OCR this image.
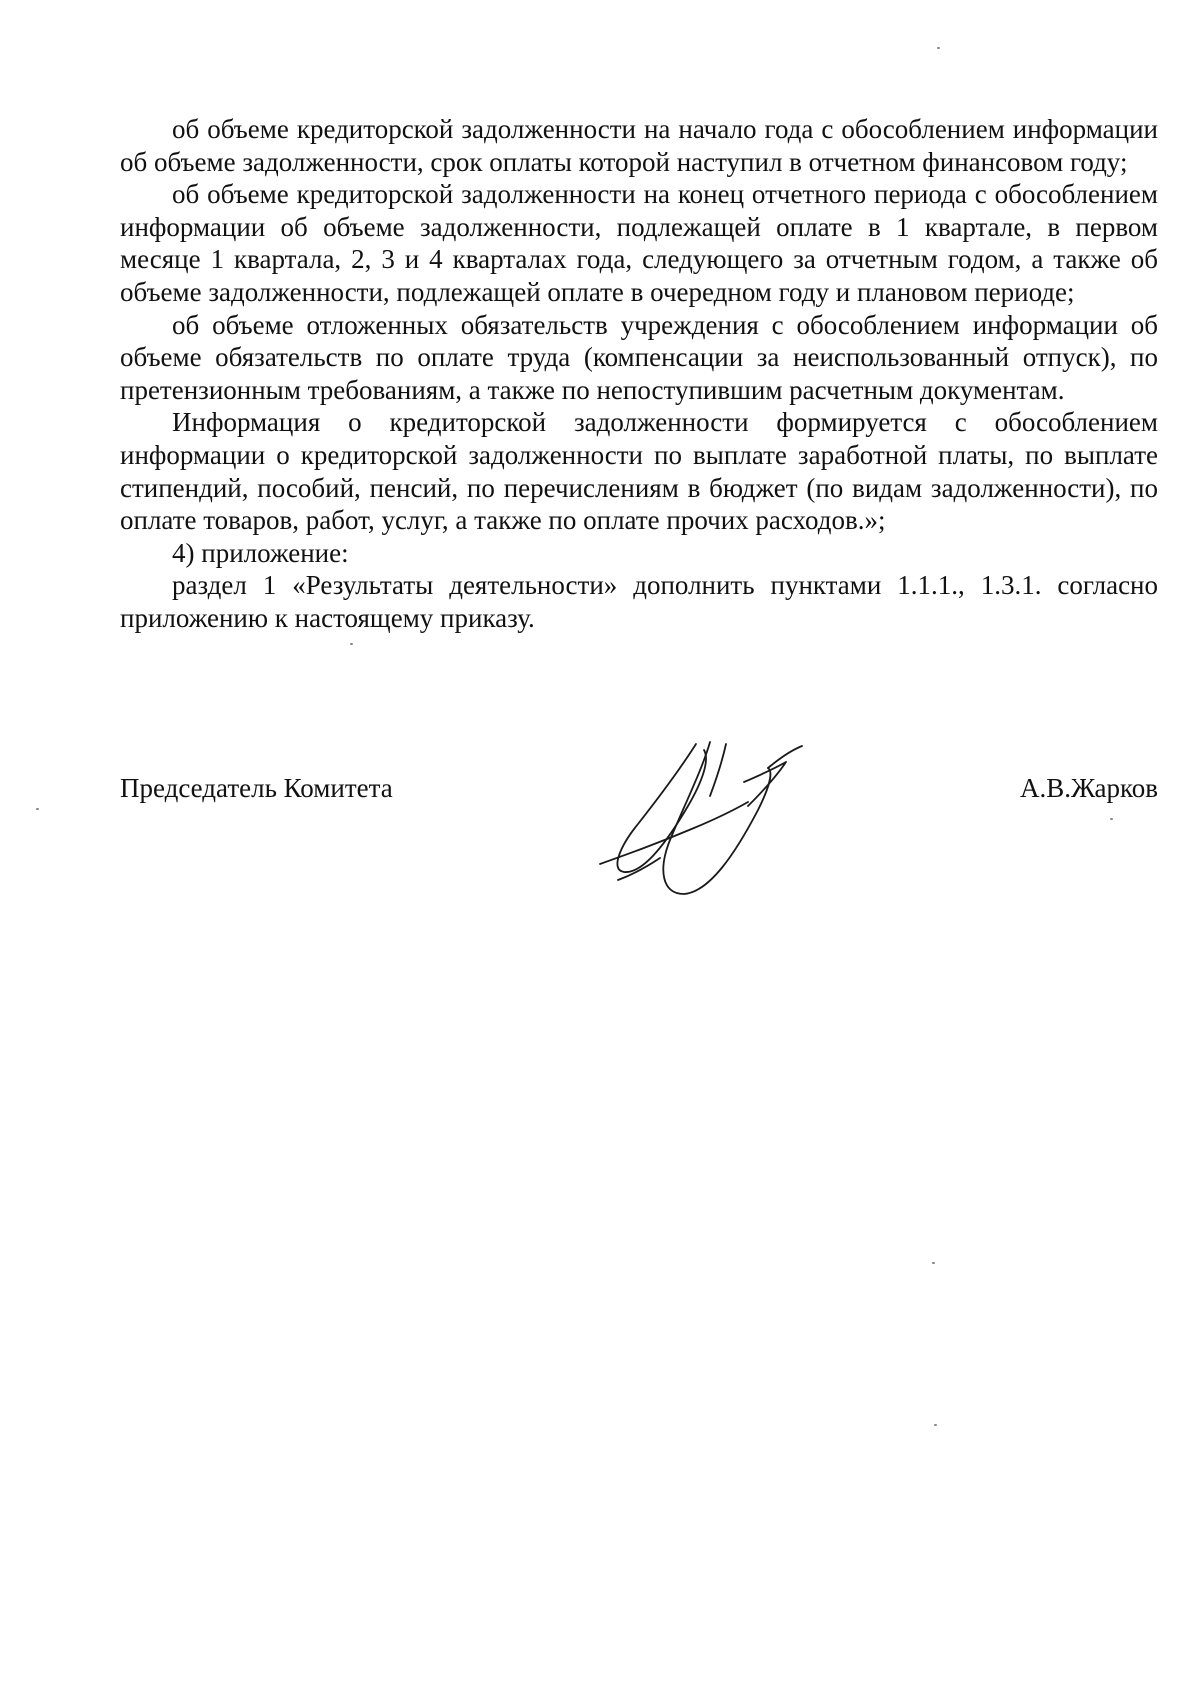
об объеме кредиторской задолженности на начало года с обособлением информации об объеме задолженности, срок оплаты которой наступил в отчетном финансовом году;

об объеме кредиторской задолженности на конец отчетного периода с обособлением информации об объеме задолженности, подлежащей оплате в 1 квартале, в первом месяце 1 квартала, 2, 3 и 4 кварталах года, следующего за отчетным годом, а также об объеме задолженности, подлежащей оплате в очередном году и плановом периоде;

об объеме отложенных обязательств учреждения с обособлением информации об объеме обязательств по оплате труда (компенсации за неиспользованный отпуск), по претензионным требованиям, а также по непоступившим расчетным документам.

Информация о кредиторской задолженности формируется с обособлением информации о кредиторской задолженности по выплате заработной платы, по выплате стипендий, пособий, пенсий, по перечислениям в бюджет (по видам задолженности), по оплате товаров, работ, услуг, а также по оплате прочих расходов.»;

4) приложение:

раздел 1 «Результаты деятельности» дополнить пунктами 1.1.1., 1.3.1. согласно приложению к настоящему приказу.

Председатель Комитета	А.В.Жарков
